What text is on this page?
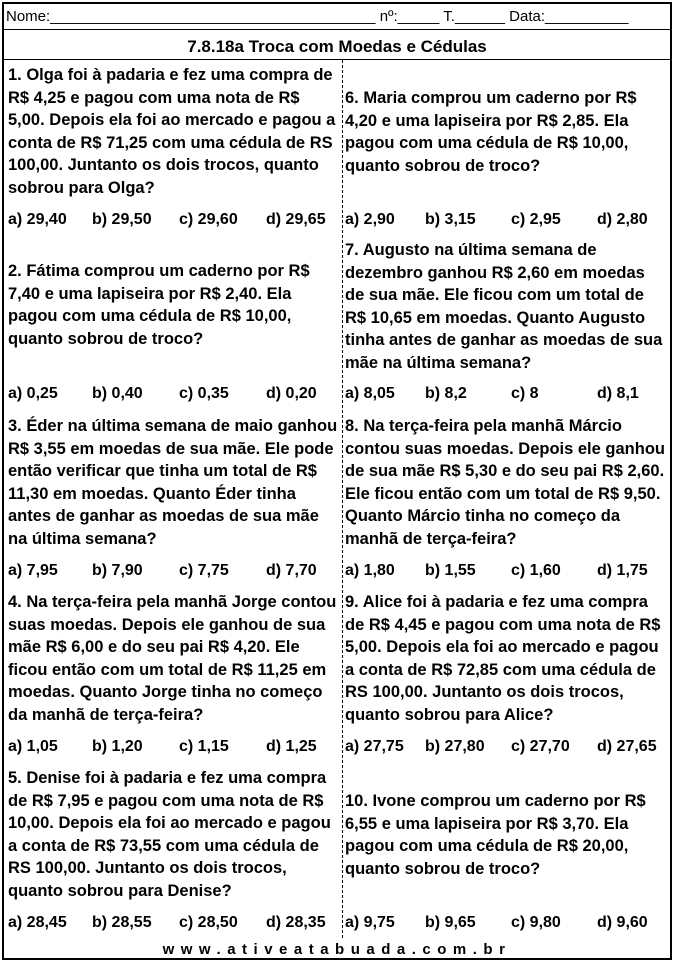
Nome:_______________________________________ nº:_____ T.______ Data:__________
7.8.18a Troca com Moedas e Cédulas
1. Olga foi à padaria e fez uma compra de R$ 4,25 e pagou com uma nota de R$ 5,00. Depois ela foi ao mercado e pagou a conta de R$ 71,25 com uma cédula de RS 100,00. Juntanto os dois trocos, quanto sobrou para Olga?
a) 29,40	b) 29,50	c) 29,60	d) 29,65
2. Fátima comprou um caderno por R$ 7,40 e uma lapiseira por R$ 2,40. Ela pagou com uma cédula de R$ 10,00, quanto sobrou de troco?
a) 0,25	b) 0,40	c) 0,35	d) 0,20
3. Éder na última semana de maio ganhou R$ 3,55 em moedas de sua mãe. Ele pode então verificar que tinha um total de R$ 11,30 em moedas. Quanto Éder tinha antes de ganhar as moedas de sua mãe na última semana?
a) 7,95	b) 7,90	c) 7,75	d) 7,70
4. Na terça-feira pela manhã Jorge contou suas moedas. Depois ele ganhou de sua mãe R$ 6,00 e do seu pai R$ 4,20. Ele ficou então com um total de R$ 11,25 em moedas. Quanto Jorge tinha no começo da manhã de terça-feira?
a) 1,05	b) 1,20	c) 1,15	d) 1,25
5. Denise foi à padaria e fez uma compra de R$ 7,95 e pagou com uma nota de R$ 10,00. Depois ela foi ao mercado e pagou a conta de R$ 73,55 com uma cédula de RS 100,00. Juntanto os dois trocos, quanto sobrou para Denise?
a) 28,45	b) 28,55	c) 28,50	d) 28,35
6. Maria comprou um caderno por R$ 4,20 e uma lapiseira por R$ 2,85. Ela pagou com uma cédula de R$ 10,00, quanto sobrou de troco?
a) 2,90	b) 3,15	c) 2,95	d) 2,80
7. Augusto na última semana de dezembro ganhou R$ 2,60 em moedas de sua mãe. Ele ficou com um total de R$ 10,65 em moedas. Quanto Augusto tinha antes de ganhar as moedas de sua mãe na última semana?
a) 8,05	b) 8,2	c) 8	d) 8,1
8. Na terça-feira pela manhã Márcio contou suas moedas. Depois ele ganhou de sua mãe R$ 5,30 e do seu pai R$ 2,60. Ele ficou então com um total de R$ 9,50. Quanto Márcio tinha no começo da manhã de terça-feira?
a) 1,80	b) 1,55	c) 1,60	d) 1,75
9. Alice foi à padaria e fez uma compra de R$ 4,45 e pagou com uma nota de R$ 5,00. Depois ela foi ao mercado e pagou a conta de R$ 72,85 com uma cédula de RS 100,00. Juntanto os dois trocos, quanto sobrou para Alice?
a) 27,75	b) 27,80	c) 27,70	d) 27,65
10. Ivone comprou um caderno por R$ 6,55 e uma lapiseira por R$ 3,70. Ela pagou com uma cédula de R$ 20,00, quanto sobrou de troco?
a) 9,75	b) 9,65	c) 9,80	d) 9,60
www.ativeatabuada.com.br
